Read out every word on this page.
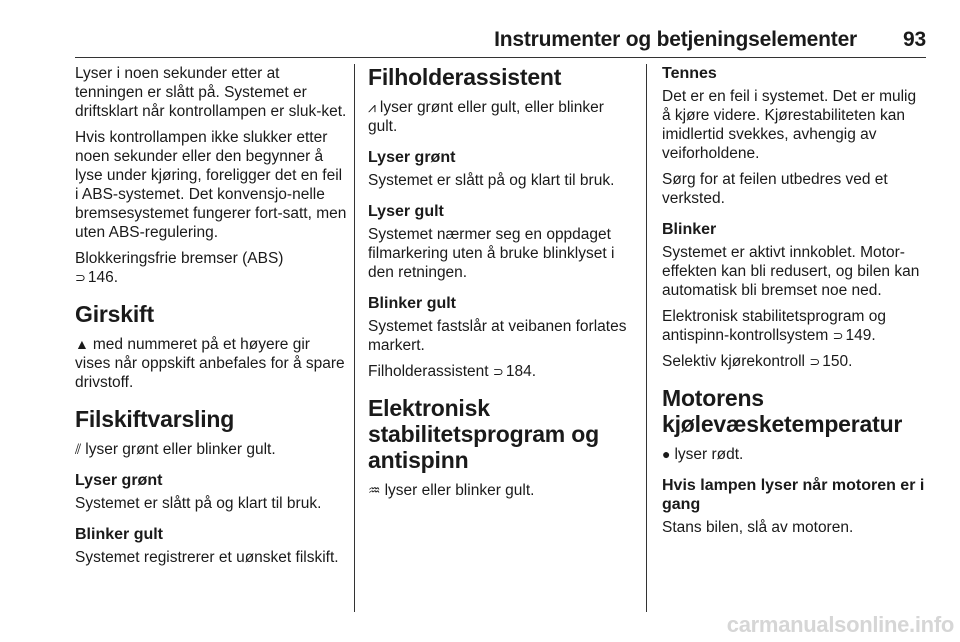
Instrumenter og betjeningselementer 93

Lyser i noen sekunder etter at tenningen er slått på. Systemet er driftsklart når kontrollampen er sluk-ket.

Hvis kontrollampen ikke slukker etter noen sekunder eller den begynner å lyse under kjøring, foreligger det en feil i ABS-systemet. Det konvensjo-nelle bremsesystemet fungerer fort-satt, men uten ABS-regulering.

Blokkeringsfrie bremser (ABS)
⊃ 146.

Girskift

▲ med nummeret på et høyere gir vises når oppskift anbefales for å spare drivstoff.

Filskiftvarsling

⫽ lyser grønt eller blinker gult.

Lyser grønt

Systemet er slått på og klart til bruk.

Blinker gult

Systemet registrerer et uønsket filskift.

Filholderassistent

⩘ lyser grønt eller gult, eller blinker gult.

Lyser grønt

Systemet er slått på og klart til bruk.

Lyser gult

Systemet nærmer seg en oppdaget filmarkering uten å bruke blinklyset i den retningen.

Blinker gult

Systemet fastslår at veibanen forlates markert.

Filholderassistent ⊃ 184.

Elektronisk stabilitetsprogram og antispinn

♒ lyser eller blinker gult.

Tennes

Det er en feil i systemet. Det er mulig å kjøre videre. Kjørestabiliteten kan imidlertid svekkes, avhengig av veiforholdene.

Sørg for at feilen utbedres ved et verksted.

Blinker

Systemet er aktivt innkoblet. Motor-effekten kan bli redusert, og bilen kan automatisk bli bremset noe ned.

Elektronisk stabilitetsprogram og antispinn-kontrollsystem ⊃ 149.

Selektiv kjørekontroll ⊃ 150.

Motorens kjølevæsketemperatur

● lyser rødt.

Hvis lampen lyser når motoren er i gang

Stans bilen, slå av motoren.

carmanualsonline.info
